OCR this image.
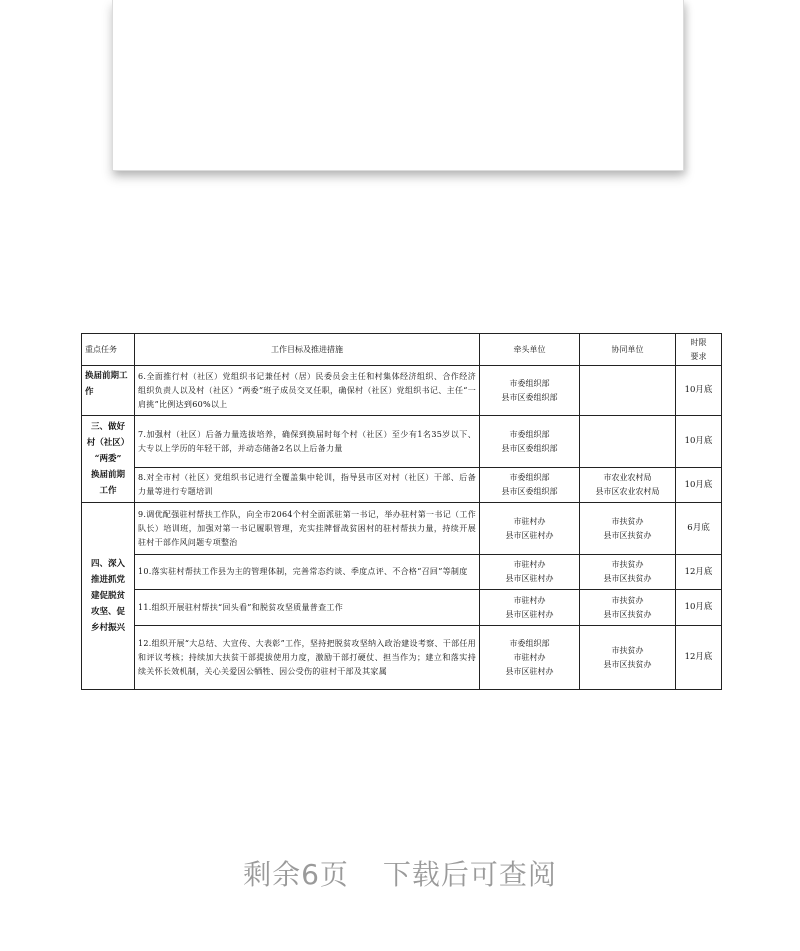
重点任务	工作目标及推进措施	牵头单位	协同单位	时限
要求

换届前期工作	6.全面推行村（社区）党组织书记兼任村（居）民委员会主任和村集体经济组织、合作经济组织负责人以及村（社区）“两委”班子成员交叉任职，确保村（社区）党组织书记、主任“一肩挑”比例达到60%以上	市委组织部
县市区委组织部		10月底

三、做好
村（社区）
“两委”
换届前期
工作	7.加强村（社区）后备力量选拔培养，确保到换届时每个村（社区）至少有1名35岁以下、大专以上学历的年轻干部，并动态储备2名以上后备力量	市委组织部
县市区委组织部		10月底
	8.对全市村（社区）党组织书记进行全覆盖集中轮训，指导县市区对村（社区）干部、后备力量等进行专题培训	市委组织部
县市区委组织部	市农业农村局
县市区农业农村局	10月底

四、深入
推进抓党
建促脱贫
攻坚、促
乡村振兴	9.调优配强驻村帮扶工作队，向全市2064个村全面派驻第一书记，举办驻村第一书记（工作队长）培训班，加强对第一书记履职管理，充实挂牌督战贫困村的驻村帮扶力量，持续开展驻村干部作风问题专项整治	市驻村办
县市区驻村办	市扶贫办
县市区扶贫办	6月底
	10.落实驻村帮扶工作县为主的管理体制，完善常态约谈、季度点评、不合格“召回”等制度	市驻村办
县市区驻村办	市扶贫办
县市区扶贫办	12月底
	11.组织开展驻村帮扶“回头看”和脱贫攻坚质量普查工作	市驻村办
县市区驻村办	市扶贫办
县市区扶贫办	10月底
	12.组织开展“大总结、大宣传、大表彰”工作，坚持把脱贫攻坚纳入政治建设考察、干部任用和评议考核；持续加大扶贫干部提拔使用力度，激励干部打硬仗、担当作为；建立和落实持续关怀长效机制，关心关爱因公牺牲、因公受伤的驻村干部及其家属	市委组织部
市驻村办
县市区驻村办	市扶贫办
县市区扶贫办	12月底
剩余6页 下载后可查阅
